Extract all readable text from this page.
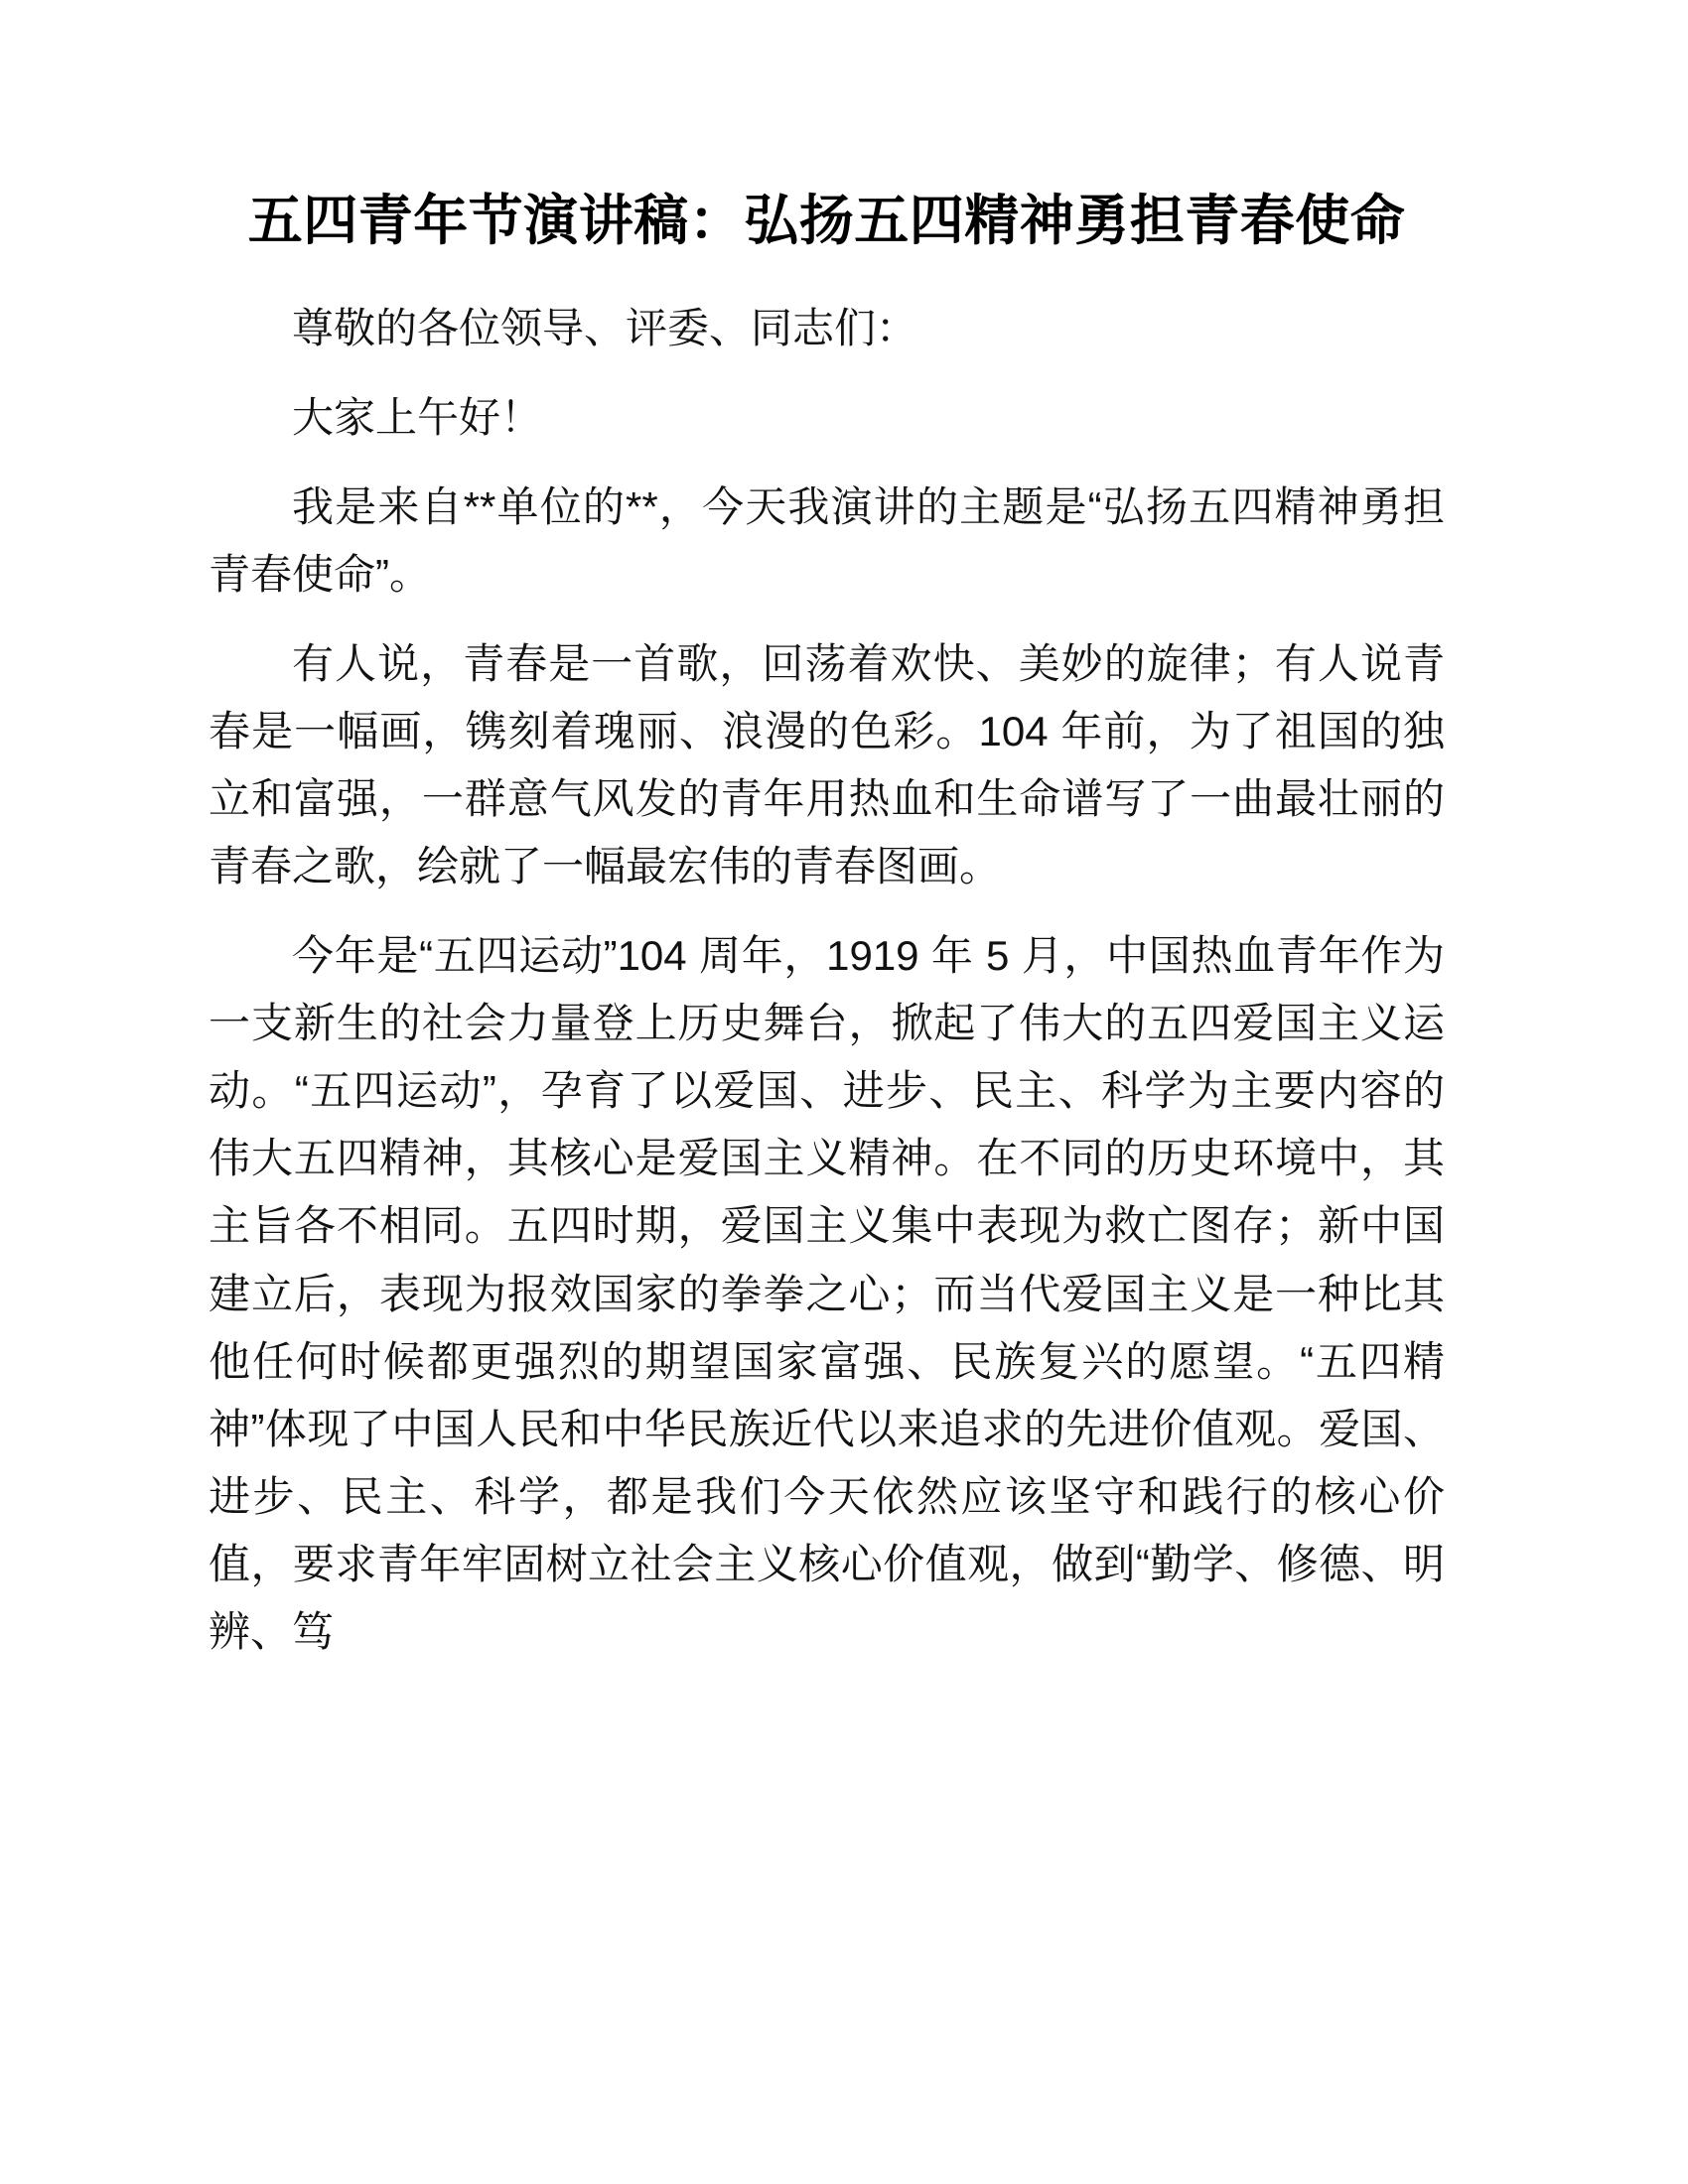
五四青年节演讲稿：弘扬五四精神勇担青春使命

尊敬的各位领导、评委、同志们：

大家上午好！

我是来自**单位的**，今天我演讲的主题是“弘扬五四精神勇担青春使命”。

有人说，青春是一首歌，回荡着欢快、美妙的旋律；有人说青春是一幅画，镌刻着瑰丽、浪漫的色彩。104 年前，为了祖国的独立和富强，一群意气风发的青年用热血和生命谱写了一曲最壮丽的青春之歌，绘就了一幅最宏伟的青春图画。

今年是“五四运动”104 周年，1919 年 5 月，中国热血青年作为一支新生的社会力量登上历史舞台，掀起了伟大的五四爱国主义运动。“五四运动”，孕育了以爱国、进步、民主、科学为主要内容的伟大五四精神，其核心是爱国主义精神。在不同的历史环境中，其主旨各不相同。五四时期，爱国主义集中表现为救亡图存；新中国建立后，表现为报效国家的拳拳之心；而当代爱国主义是一种比其他任何时候都更强烈的期望国家富强、民族复兴的愿望。“五四精神”体现了中国人民和中华民族近代以来追求的先进价值观。爱国、进步、民主、科学，都是我们今天依然应该坚守和践行的核心价值，要求青年牢固树立社会主义核心价值观，做到“勤学、修德、明辨、笃
